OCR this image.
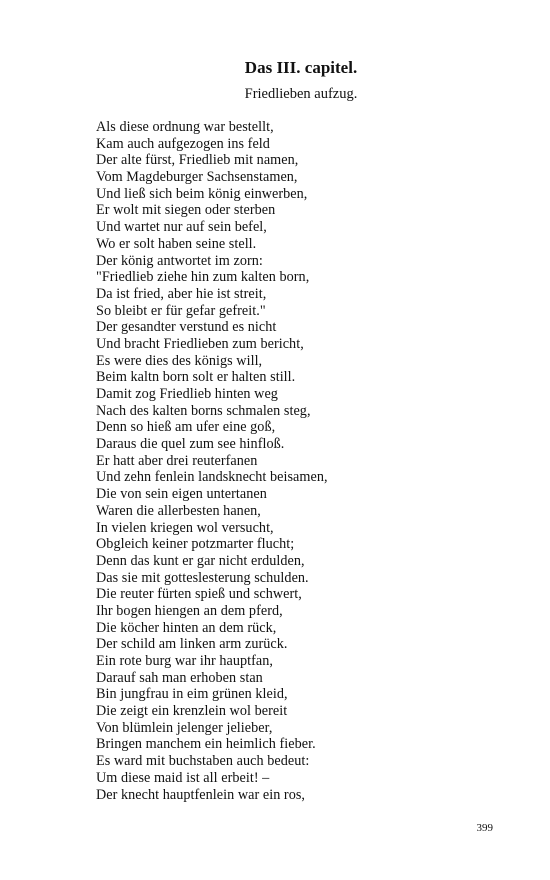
Das III. capitel.

Friedlieben aufzug.

Als diese ordnung war bestellt,
Kam auch aufgezogen ins feld
Der alte fürst, Friedlieb mit namen,
Vom Magdeburger Sachsenstamen,
Und ließ sich beim könig einwerben,
Er wolt mit siegen oder sterben
Und wartet nur auf sein befel,
Wo er solt haben seine stell.
Der könig antwortet im zorn:
"Friedlieb ziehe hin zum kalten born,
Da ist fried, aber hie ist streit,
So bleibt er für gefar gefreit."
Der gesandter verstund es nicht
Und bracht Friedlieben zum bericht,
Es were dies des königs will,
Beim kaltn born solt er halten still.
Damit zog Friedlieb hinten weg
Nach des kalten borns schmalen steg,
Denn so hieß am ufer eine goß,
Daraus die quel zum see hinfloß.
Er hatt aber drei reuterfanen
Und zehn fenlein landsknecht beisamen,
Die von sein eigen untertanen
Waren die allerbesten hanen,
In vielen kriegen wol versucht,
Obgleich keiner potzmarter flucht;
Denn das kunt er gar nicht erdulden,
Das sie mit gotteslesterung schulden.
Die reuter fürten spieß und schwert,
Ihr bogen hiengen an dem pferd,
Die köcher hinten an dem rück,
Der schild am linken arm zurück.
Ein rote burg war ihr hauptfan,
Darauf sah man erhoben stan
Bin jungfrau in eim grünen kleid,
Die zeigt ein krenzlein wol bereit
Von blümlein jelenger jelieber,
Bringen manchem ein heimlich fieber.
Es ward mit buchstaben auch bedeut:
Um diese maid ist all erbeit! –
Der knecht hauptfenlein war ein ros,
399
